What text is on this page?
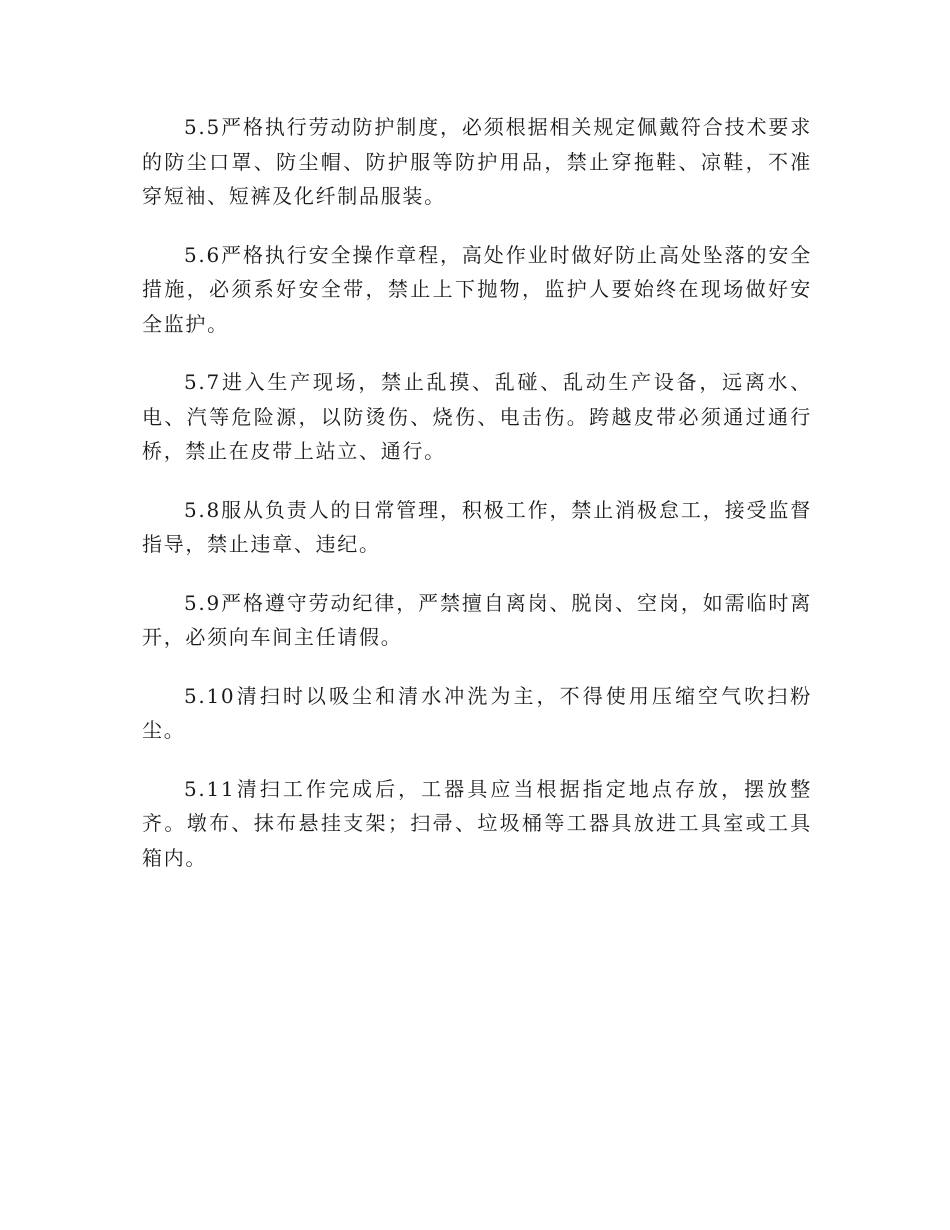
5.5严格执行劳动防护制度，必须根据相关规定佩戴符合技术要求的防尘口罩、防尘帽、防护服等防护用品，禁止穿拖鞋、凉鞋，不准穿短袖、短裤及化纤制品服装。

5.6严格执行安全操作章程，高处作业时做好防止高处坠落的安全措施，必须系好安全带，禁止上下抛物，监护人要始终在现场做好安全监护。

5.7进入生产现场，禁止乱摸、乱碰、乱动生产设备，远离水、电、汽等危险源，以防烫伤、烧伤、电击伤。跨越皮带必须通过通行桥，禁止在皮带上站立、通行。

5.8服从负责人的日常管理，积极工作，禁止消极怠工，接受监督指导，禁止违章、违纪。

5.9严格遵守劳动纪律，严禁擅自离岗、脱岗、空岗，如需临时离开，必须向车间主任请假。

5.10清扫时以吸尘和清水冲洗为主，不得使用压缩空气吹扫粉尘。

5.11清扫工作完成后，工器具应当根据指定地点存放，摆放整齐。墩布、抹布悬挂支架；扫帚、垃圾桶等工器具放进工具室或工具箱内。
